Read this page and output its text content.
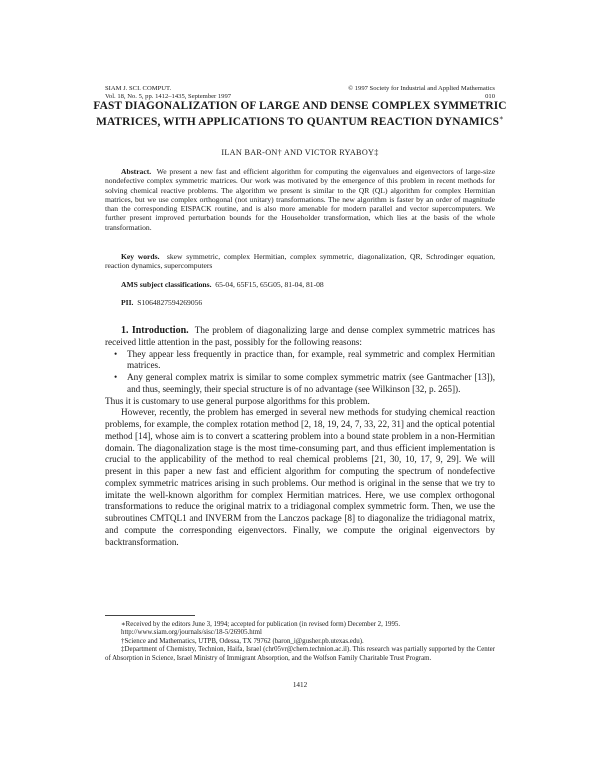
SIAM J. SCI. COMPUT.
Vol. 18, No. 5, pp. 1412–1435, September 1997
© 1997 Society for Industrial and Applied Mathematics
010
FAST DIAGONALIZATION OF LARGE AND DENSE COMPLEX SYMMETRIC MATRICES, WITH APPLICATIONS TO QUANTUM REACTION DYNAMICS∗
ILAN BAR-ON† AND VICTOR RYABOY‡
Abstract. We present a new fast and efficient algorithm for computing the eigenvalues and eigenvectors of large-size nondefective complex symmetric matrices. Our work was motivated by the emergence of this problem in recent methods for solving chemical reactive problems. The algorithm we present is similar to the QR (QL) algorithm for complex Hermitian matrices, but we use complex orthogonal (not unitary) transformations. The new algorithm is faster by an order of magnitude than the corresponding EISPACK routine, and is also more amenable for modern parallel and vector supercomputers. We further present improved perturbation bounds for the Householder transformation, which lies at the basis of the whole transformation.
Key words. skew symmetric, complex Hermitian, complex symmetric, diagonalization, QR, Schrodinger equation, reaction dynamics, supercomputers
AMS subject classifications. 65-04, 65F15, 65G05, 81-04, 81-08
PII. S1064827594269056

1. Introduction. The problem of diagonalizing large and dense complex symmetric matrices has received little attention in the past, possibly for the following reasons:

• They appear less frequently in practice than, for example, real symmetric and complex Hermitian matrices.
• Any general complex matrix is similar to some complex symmetric matrix (see Gantmacher [13]), and thus, seemingly, their special structure is of no advantage (see Wilkinson [32, p. 265]).

Thus it is customary to use general purpose algorithms for this problem.

However, recently, the problem has emerged in several new methods for studying chemical reaction problems, for example, the complex rotation method [2, 18, 19, 24, 7, 33, 22, 31] and the optical potential method [14], whose aim is to convert a scattering problem into a bound state problem in a non-Hermitian domain. The diagonalization stage is the most time-consuming part, and thus efficient implementation is crucial to the applicability of the method to real chemical problems [21, 30, 10, 17, 9, 29]. We will present in this paper a new fast and efficient algorithm for computing the spectrum of nondefective complex symmetric matrices arising in such problems. Our method is original in the sense that we try to imitate the well-known algorithm for complex Hermitian matrices. Here, we use complex orthogonal transformations to reduce the original matrix to a tridiagonal complex symmetric form. Then, we use the subroutines CMTQL1 and INVERM from the Lanczos package [8] to diagonalize the tridiagonal matrix, and compute the corresponding eigenvectors. Finally, we compute the original eigenvectors by backtransformation.

∗Received by the editors June 3, 1994; accepted for publication (in revised form) December 2, 1995.

http://www.siam.org/journals/sisc/18-5/26905.html

†Science and Mathematics, UTPB, Odessa, TX 79762 (baron_i@gusher.pb.utexas.edu).

‡Department of Chemistry, Technion, Haifa, Israel (chr05vr@chem.technion.ac.il). This research was partially supported by the Center of Absorption in Science, Israel Ministry of Immigrant Absorption, and the Wolfson Family Charitable Trust Program.

1412
